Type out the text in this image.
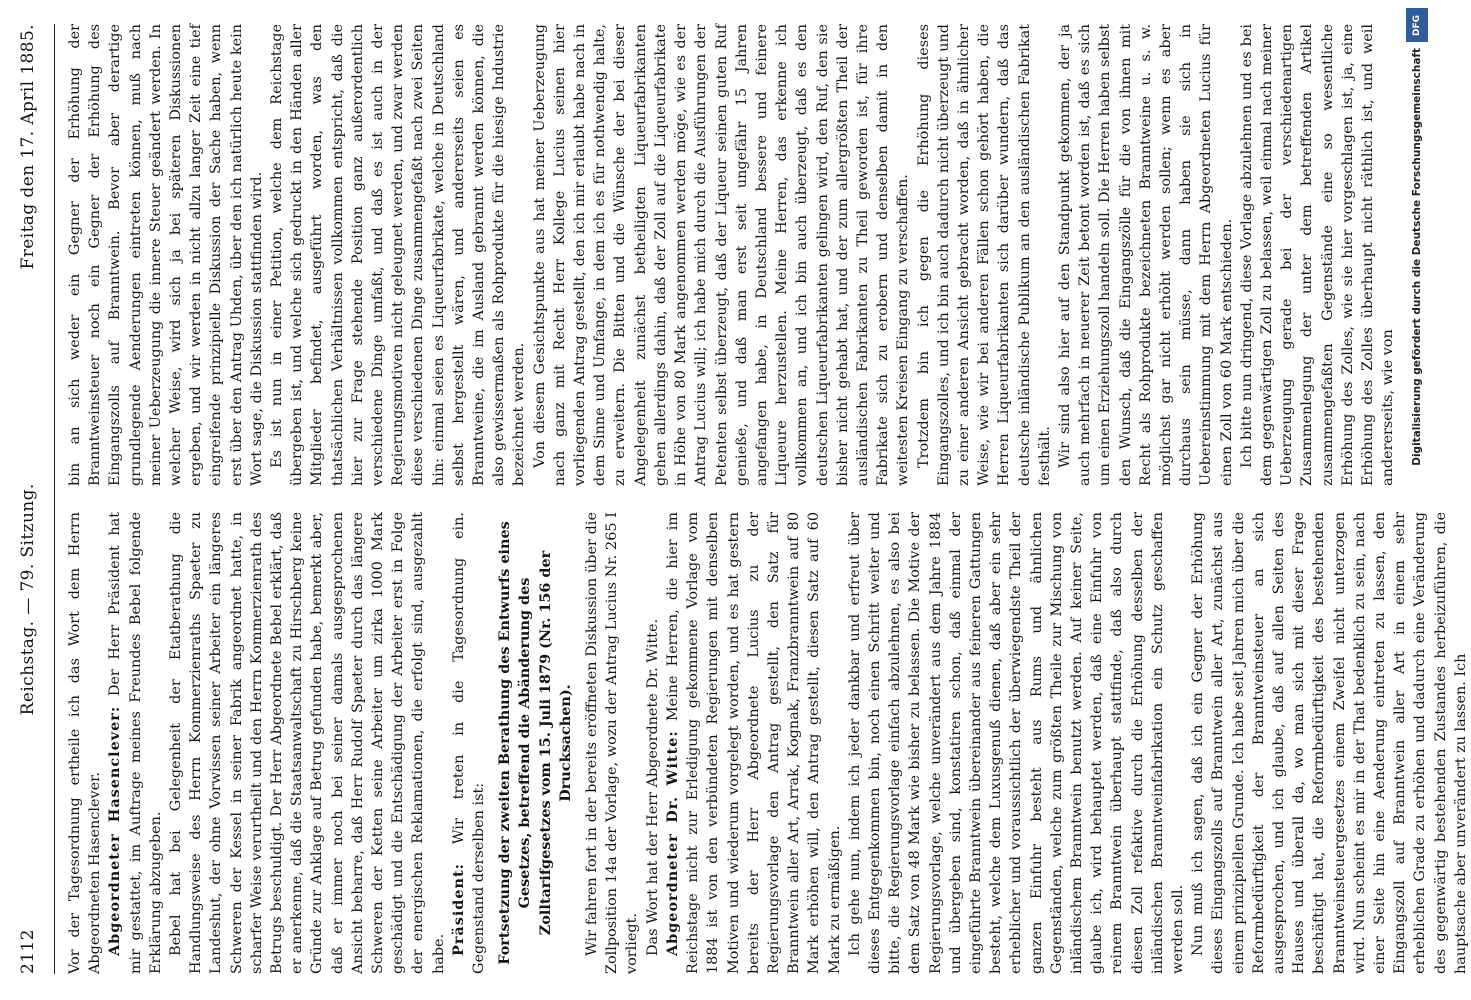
2112
Reichstag. — 79. Sitzung.
Freitag den 17. April 1885.

Vor der Tagesordnung ertheile ich das Wort dem Herrn Abgeordneten Hasenclever. Abgeordneter Hasenclever: Der Herr Präsident hat mir gestattet, im Auftrage meines Freundes Bebel folgende Erklärung abzugeben. Bebel hat bei Gelegenheit der Etatberathung die Handlungsweise des Herrn Kommerzienraths Spaeter zu Landeshut, der ohne Vorwissen seiner Arbeiter ein längeres Schweren der Kessel in seiner Fabrik angeordnet hatte, in scharfer Weise verurtheilt und den Herrn Kommerzienrath des Betrugs beschuldigt. Der Herr Abgeordnete Bebel erklärt, daß er anerkenne, daß die Staatsanwaltschaft zu Hirschberg keine Gründe zur Anklage auf Betrug gefunden habe, bemerkt aber, daß er immer noch bei seiner damals ausgesprochenen Ansicht beharre, daß Herr Rudolf Spaeter durch das längere Schweren der Ketten seine Arbeiter um zirka 1000 Mark geschädigt und die Entschädigung der Arbeiter erst in Folge der energischen Reklamationen, die erfolgt sind, ausgezahlt habe. Präsident: Wir treten in die Tagesordnung ein. Gegenstand derselben ist: Fortsetzung der zweiten Berathung des Entwurfs eines Gesetzes, betreffend die Abänderung des Zolltarifgesetzes vom 15. Juli 1879 (Nr. 156 der Drucksachen). Wir fahren fort in der bereits eröffneten Diskussion über die Zollposition 14a der Vorlage, wozu der Antrag Lucius Nr. 265 I vorliegt. Das Wort hat der Herr Abgeordnete Dr. Witte. Abgeordneter Dr. Witte: Meine Herren, die hier im Reichstage nicht zur Erledigung gekommene Vorlage vom 1884 ist von den verbündeten Regierungen mit denselben Motiven und wiederum vorgelegt worden, und es hat gestern bereits der Herr Abgeordnete Lucius zu der Regierungsvorlage den Antrag gestellt, den Satz für Branntwein aller Art, Arrak, Kognak, Franzbranntwein auf 80 Mark erhöhen will, den Antrag gestellt, diesen Satz auf 60 Mark zu ermäßigen. Ich gehe nun, indem ich jeder dankbar und erfreut über dieses Entgegenkommen bin, noch einen Schritt weiter und bitte, die Regierungsvorlage einfach abzulehnen, es also bei dem Satz von 48 Mark wie bisher zu belassen. Die Motive der Regierungsvorlage, welche unverändert aus dem Jahre 1884 und übergeben sind, konstatiren schon, daß einmal der eingeführte Branntwein übereinander aus feineren Gattungen besteht, welche dem Luxusgenuß dienen, daß aber ein sehr erheblicher und voraussichtlich der überwiegendste Theil der ganzen Einfuhr besteht aus Rums und ähnlichen Gegenständen, welche zum größten Theile zur Mischung von inländischem Branntwein benutzt werden. Auf keiner Seite, glaube ich, wird behauptet werden, daß eine Einfuhr von reinem Branntwein überhaupt stattfinde, daß also durch diesen Zoll refaktive durch die Erhöhung desselben der inländischen Branntweinfabrikation ein Schutz geschaffen werden soll. Nun muß ich sagen, daß ich ein Gegner der Erhöhung dieses Eingangszolls auf Branntwein aller Art, zunächst aus einem prinzipiellen Grunde. Ich habe seit Jahren mich über die Reformbedürftigkeit der Branntweinsteuer an sich ausgesprochen, und ich glaube, daß auf allen Seiten des Hauses und überall da, wo man sich mit dieser Frage beschäftigt hat, die Reformbedürftigkeit des bestehenden Branntweinsteuergesetzes einem Zweifel nicht unterzogen wird. Nun scheint es mir in der That bedenklich zu sein, nach einer Seite hin eine Aenderung eintreten zu lassen, den Eingangszoll auf Branntwein aller Art in einem sehr erheblichen Grade zu erhöhen und dadurch eine Veränderung des gegenwärtig bestehenden Zustandes herbeizuführen, die hauptsache aber unverändert zu lassen. Ich

bin an sich weder ein Gegner der Erhöhung der Branntweinsteuer noch ein Gegner der Erhöhung des Eingangszolls auf Branntwein. Bevor aber derartige grundlegende Aenderungen eintreten können, muß nach meiner Ueberzeugung die innere Steuer geändert werden. In welcher Weise, wird sich ja bei späteren Diskussionen ergeben, und wir werden in nicht allzu langer Zeit eine tief eingreifende prinzipielle Diskussion der Sache haben, wenn erst über den Antrag Uhden, über den ich natürlich heute kein Wort sage, die Diskussion stattfinden wird. Es ist nun in einer Petition, welche dem Reichstage übergeben ist, und welche sich gedruckt in den Händen aller Mitglieder befindet, ausgeführt worden, was den thatsächlichen Verhältnissen vollkommen entspricht, daß die hier zur Frage stehende Position ganz außerordentlich verschiedene Dinge umfaßt, und daß es ist auch in der Regierungsmotiven nicht geleugnet werden, und zwar werden diese verschiedenen Dinge zusammengefaßt nach zwei Seiten hin: einmal seien es Liqueurfabrikate, welche in Deutschland selbst hergestellt wären, und andererseits seien es Branntweine, die im Ausland gebrannt werden können, die also gewissermaßen als Rohprodukte für die hiesige Industrie bezeichnet werden. Von diesem Gesichtspunkte aus hat meiner Ueberzeugung nach ganz mit Recht Herr Kollege Lucius seinen hier vorliegenden Antrag gestellt, den ich mir erlaubt habe nach in dem Sinne und Umfange, in dem ich es für nothwendig halte, zu erweitern. Die Bitten und die Wünsche der bei dieser Angelegenheit zunächst betheiligten Liqueurfabrikanten gehen allerdings dahin, daß der Zoll auf die Liqueurfabrikate in Höhe von 80 Mark angenommen werden möge, wie es der Antrag Lucius will; ich habe mich durch die Ausführungen der Petenten selbst überzeugt, daß der Liqueur seinen guten Ruf genieße, und daß man erst seit ungefähr 15 Jahren angefangen habe, in Deutschland bessere und feinere Liqueure herzustellen. Meine Herren, das erkenne ich vollkommen an, und ich bin auch überzeugt, daß es den deutschen Liqueurfabrikanten gelingen wird, den Ruf, den sie bisher nicht gehabt hat, und der zum allergrößten Theil der ausländischen Fabrikanten zu Theil geworden ist, für ihre Fabrikate sich zu erobern und denselben damit in den weitesten Kreisen Eingang zu verschaffen. Trotzdem bin ich gegen die Erhöhung dieses Eingangszolles, und ich bin auch dadurch nicht überzeugt und zu einer anderen Ansicht gebracht worden, daß in ähnlicher Weise, wie wir bei anderen Fällen schon gehört haben, die Herren Liqueurfabrikanten sich darüber wundern, daß das deutsche inländische Publikum an den ausländischen Fabrikat festhält. Wir sind also hier auf den Standpunkt gekommen, der ja auch mehrfach in neuerer Zeit betont worden ist, daß es sich um einen Erziehungszoll handeln soll. Die Herren haben selbst den Wunsch, daß die Eingangszölle für die von ihnen mit Recht als Rohprodukte bezeichneten Branntweine u. s. w. möglichst gar nicht erhöht werden sollen; wenn es aber durchaus sein müsse, dann haben sie sich in Uebereinstimmung mit dem Herrn Abgeordneten Lucius für einen Zoll von 60 Mark entschieden. Ich bitte nun dringend, diese Vorlage abzulehnen und es bei dem gegenwärtigen Zoll zu belassen, weil einmal nach meiner Ueberzeugung gerade bei der verschiedenartigen Zusammenlegung der unter dem betreffenden Artikel zusammengefaßten Gegenstände eine so wesentliche Erhöhung des Zolles, wie sie hier vorgeschlagen ist, ja, eine Erhöhung des Zolles überhaupt nicht räthlich ist, und weil andererseits, wie von

DFG
Digitalisierung gefördert durch die Deutsche Forschungsgemeinschaft
